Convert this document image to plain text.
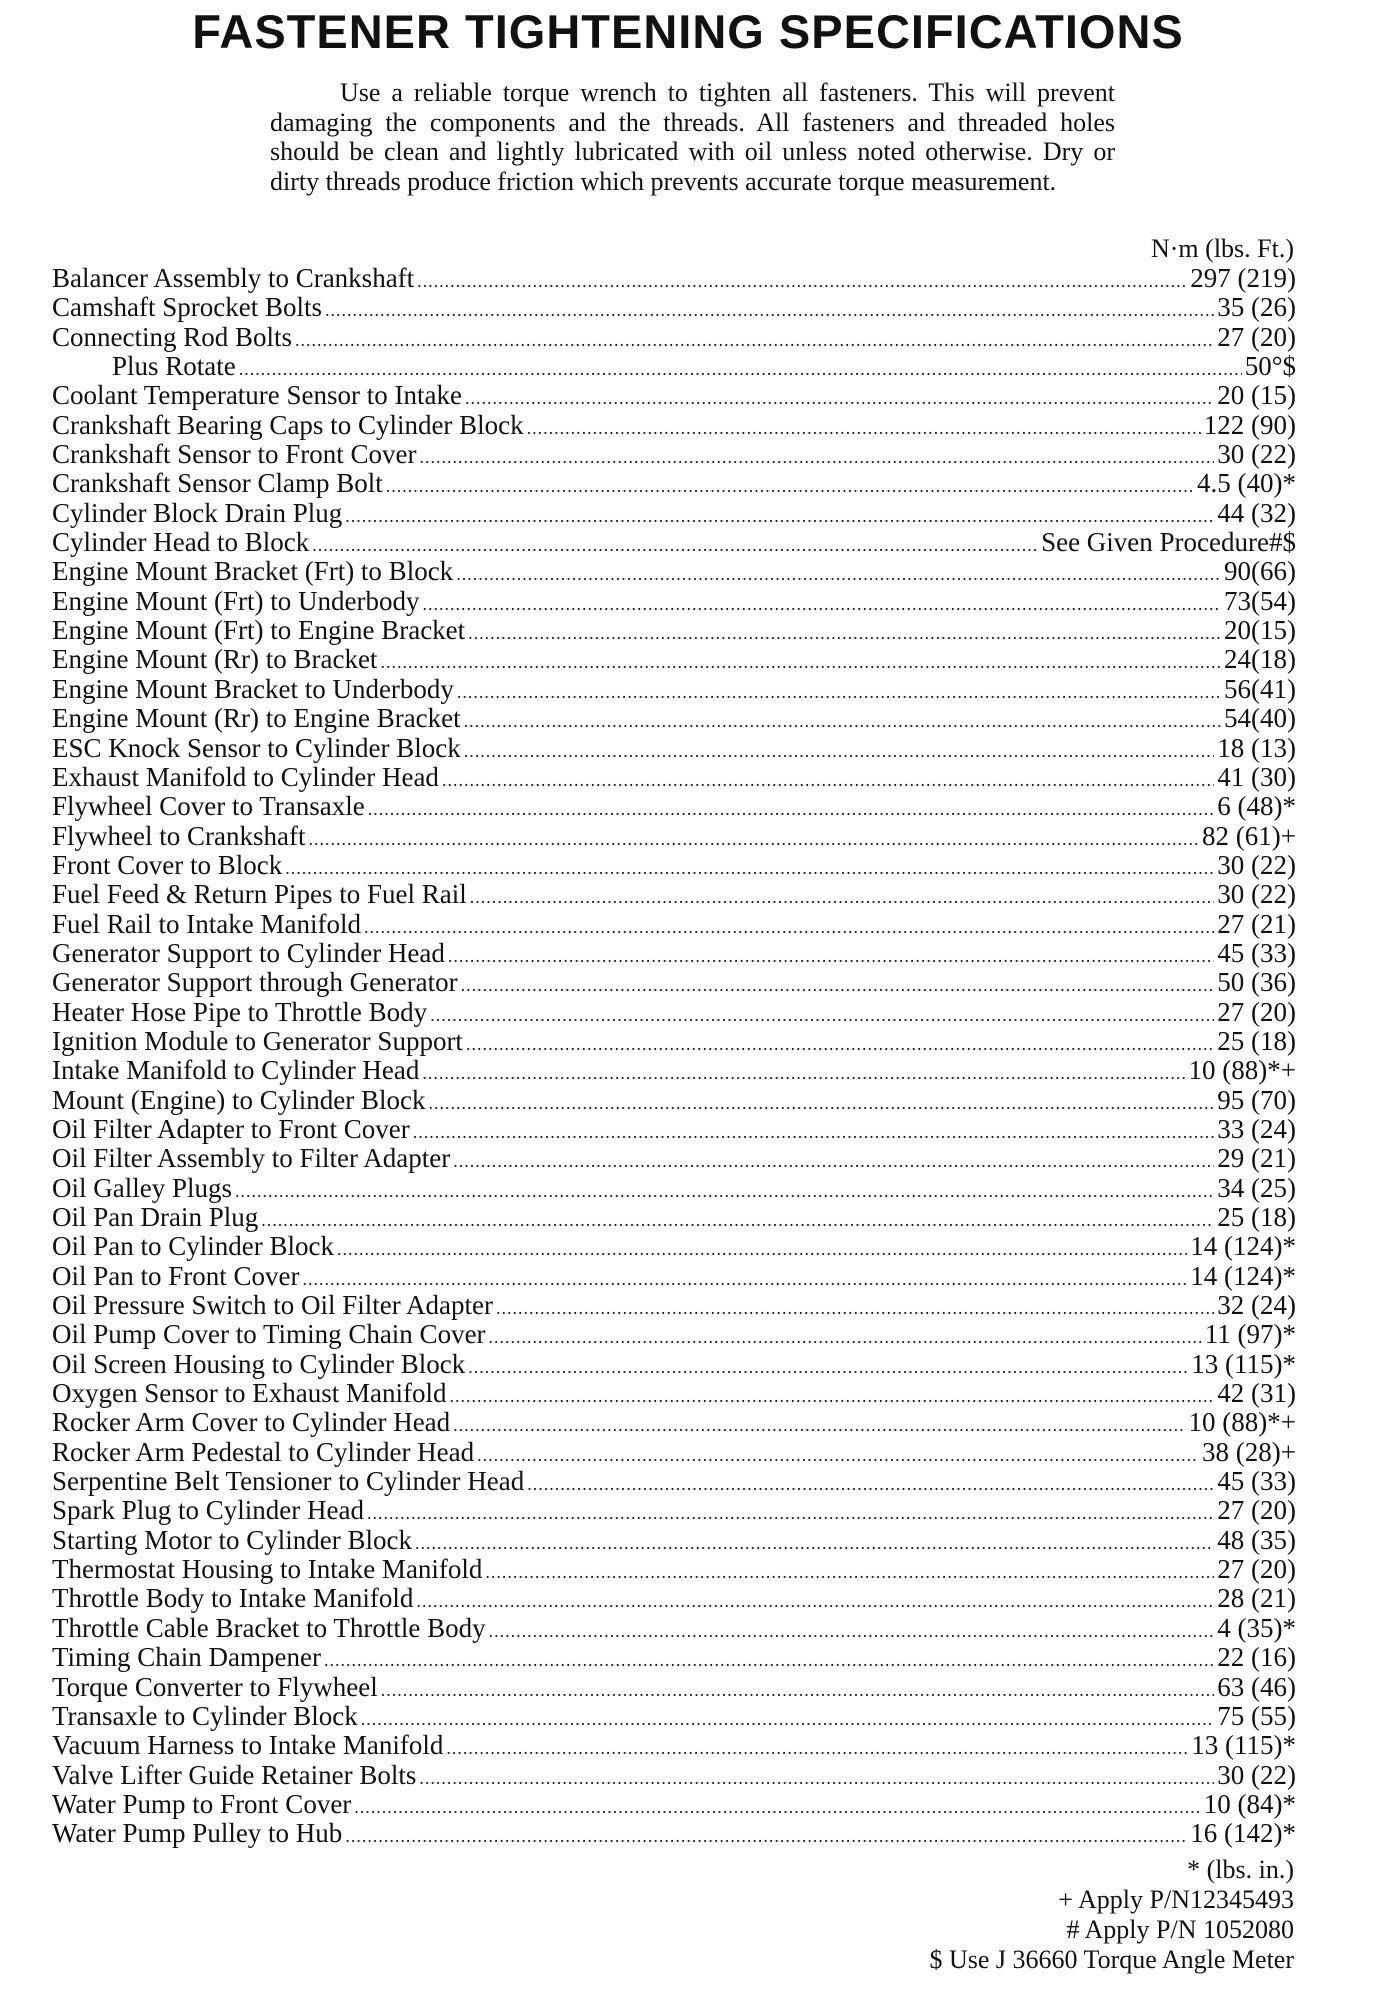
FASTENER TIGHTENING SPECIFICATIONS

Use a reliable torque wrench to tighten all fasteners. This will prevent damaging the components and the threads. All fasteners and threaded holes should be clean and lightly lubricated with oil unless noted otherwise. Dry or dirty threads produce friction which prevents accurate torque measurement.

N·m (lbs. Ft.)
Balancer Assembly to Crankshaft .....	297 (219)
Camshaft Sprocket Bolts .....	35 (26)
Connecting Rod Bolts .....	27 (20)
Plus Rotate .....	50°$
Coolant Temperature Sensor to Intake .....	20 (15)
Crankshaft Bearing Caps to Cylinder Block .....	122 (90)
Crankshaft Sensor to Front Cover .....	30 (22)
Crankshaft Sensor Clamp Bolt .....	4.5 (40)*
Cylinder Block Drain Plug .....	44 (32)
Cylinder Head to Block .....	See Given Procedure#$
Engine Mount Bracket (Frt) to Block .....	90(66)
Engine Mount (Frt) to Underbody .....	73(54)
Engine Mount (Frt) to Engine Bracket .....	20(15)
Engine Mount (Rr) to Bracket .....	24(18)
Engine Mount Bracket to Underbody .....	56(41)
Engine Mount (Rr) to Engine Bracket .....	54(40)
ESC Knock Sensor to Cylinder Block .....	18 (13)
Exhaust Manifold to Cylinder Head .....	41 (30)
Flywheel Cover to Transaxle .....	6 (48)*
Flywheel to Crankshaft .....	82 (61)+
Front Cover to Block .....	30 (22)
Fuel Feed & Return Pipes to Fuel Rail .....	30 (22)
Fuel Rail to Intake Manifold .....	27 (21)
Generator Support to Cylinder Head .....	45 (33)
Generator Support through Generator .....	50 (36)
Heater Hose Pipe to Throttle Body .....	27 (20)
Ignition Module to Generator Support .....	25 (18)
Intake Manifold to Cylinder Head .....	10 (88)*+
Mount (Engine) to Cylinder Block .....	95 (70)
Oil Filter Adapter to Front Cover .....	33 (24)
Oil Filter Assembly to Filter Adapter .....	29 (21)
Oil Galley Plugs .....	34 (25)
Oil Pan Drain Plug .....	25 (18)
Oil Pan to Cylinder Block .....	14 (124)*
Oil Pan to Front Cover .....	14 (124)*
Oil Pressure Switch to Oil Filter Adapter .....	32 (24)
Oil Pump Cover to Timing Chain Cover .....	11 (97)*
Oil Screen Housing to Cylinder Block .....	13 (115)*
Oxygen Sensor to Exhaust Manifold .....	42 (31)
Rocker Arm Cover to Cylinder Head .....	10 (88)*+
Rocker Arm Pedestal to Cylinder Head .....	38 (28)+
Serpentine Belt Tensioner to Cylinder Head .....	45 (33)
Spark Plug to Cylinder Head .....	27 (20)
Starting Motor to Cylinder Block .....	48 (35)
Thermostat Housing to Intake Manifold .....	27 (20)
Throttle Body to Intake Manifold .....	28 (21)
Throttle Cable Bracket to Throttle Body .....	4 (35)*
Timing Chain Dampener .....	22 (16)
Torque Converter to Flywheel .....	63 (46)
Transaxle to Cylinder Block .....	75 (55)
Vacuum Harness to Intake Manifold .....	13 (115)*
Valve Lifter Guide Retainer Bolts .....	30 (22)
Water Pump to Front Cover .....	10 (84)*
Water Pump Pulley to Hub .....	16 (142)*
* (lbs. in.)
+ Apply P/N12345493
# Apply P/N 1052080
$ Use J 36660 Torque Angle Meter
